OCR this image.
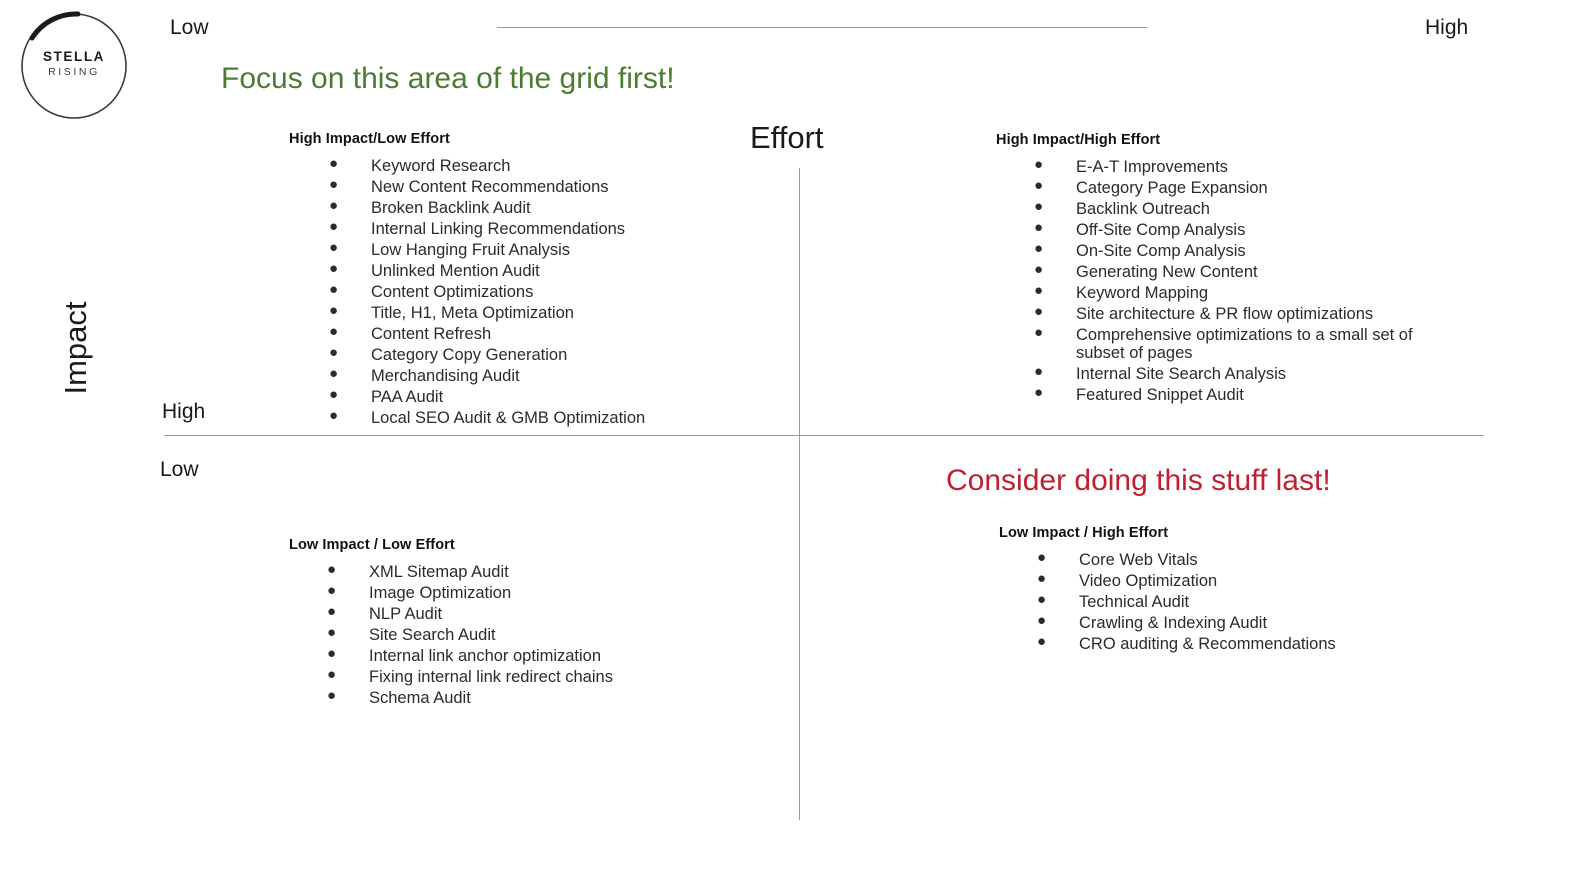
STELLA
RISING
Low	High
High
Low
Impact
Effort
Focus on this area of the grid first!
Consider doing this stuff last!
High Impact/Low Effort
● Keyword Research
● New Content Recommendations
● Broken Backlink Audit
● Internal Linking Recommendations
● Low Hanging Fruit Analysis
● Unlinked Mention Audit
● Content Optimizations
● Title, H1, Meta Optimization
● Content Refresh
● Category Copy Generation
● Merchandising Audit
● PAA Audit
● Local SEO Audit & GMB Optimization
High Impact/High Effort
● E-A-T Improvements
● Category Page Expansion
● Backlink Outreach
● Off-Site Comp Analysis
● On-Site Comp Analysis
● Generating New Content
● Keyword Mapping
● Site architecture & PR flow optimizations
● Comprehensive optimizations to a small set of subset of pages
● Internal Site Search Analysis
● Featured Snippet Audit
Low Impact / Low Effort
● XML Sitemap Audit
● Image Optimization
● NLP Audit
● Site Search Audit
● Internal link anchor optimization
● Fixing internal link redirect chains
● Schema Audit
Low Impact / High Effort
● Core Web Vitals
● Video Optimization
● Technical Audit
● Crawling & Indexing Audit
● CRO auditing & Recommendations
